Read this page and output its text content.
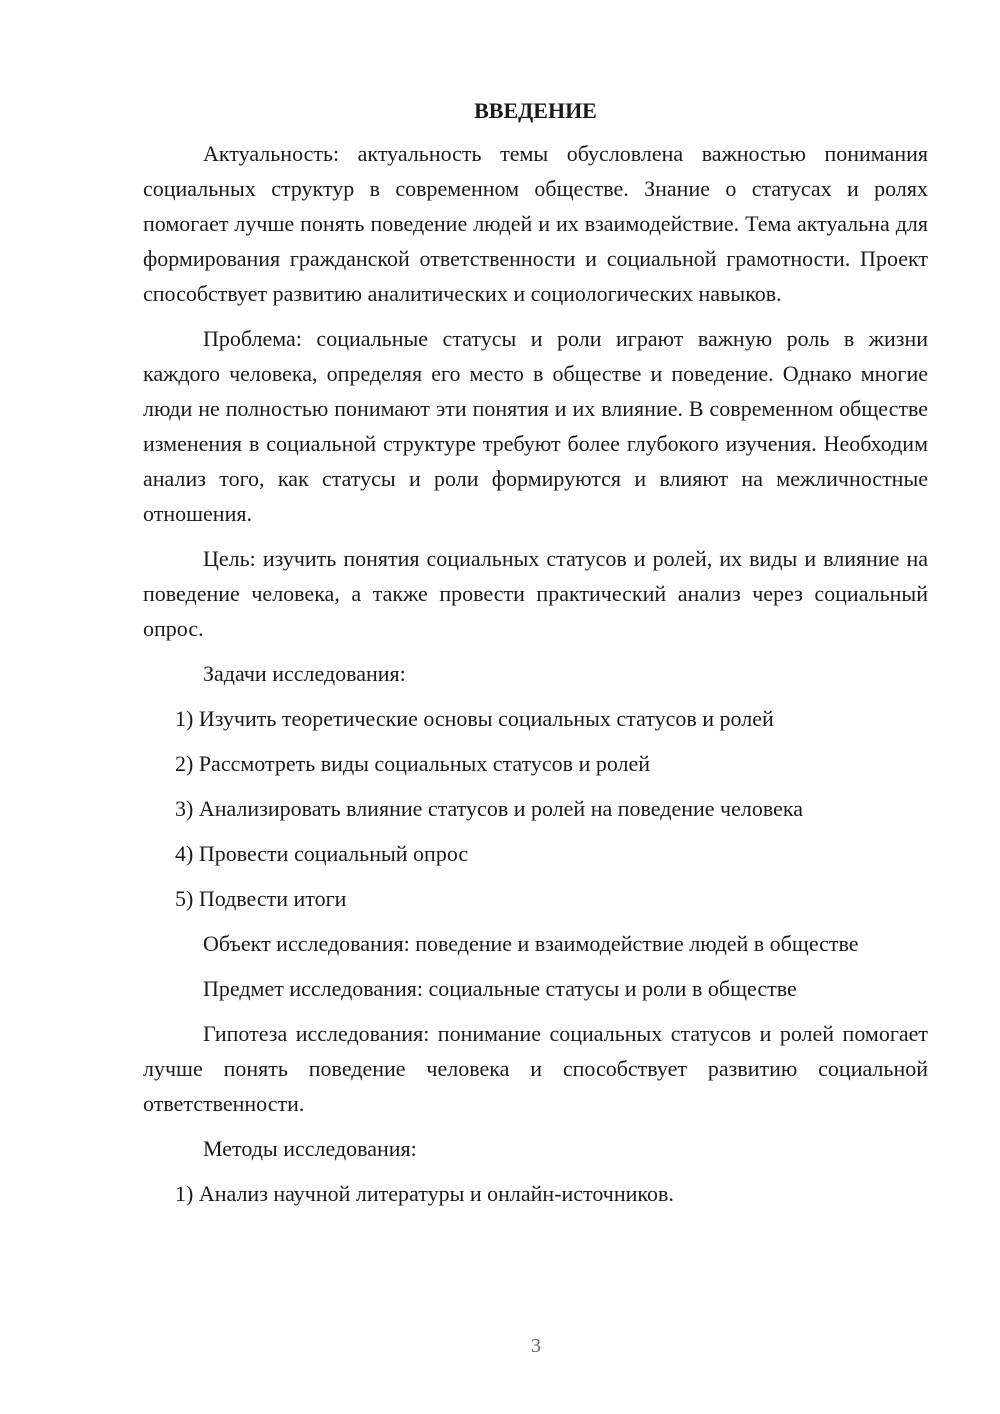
ВВЕДЕНИЕ

Актуальность: актуальность темы обусловлена важностью понимания социальных структур в современном обществе. Знание о статусах и ролях помогает лучше понять поведение людей и их взаимодействие. Тема актуальна для формирования гражданской ответственности и социальной грамотности. Проект способствует развитию аналитических и социологических навыков.

Проблема: социальные статусы и роли играют важную роль в жизни каждого человека, определяя его место в обществе и поведение. Однако многие люди не полностью понимают эти понятия и их влияние. В современном обществе изменения в социальной структуре требуют более глубокого изучения. Необходим анализ того, как статусы и роли формируются и влияют на межличностные отношения.

Цель: изучить понятия социальных статусов и ролей, их виды и влияние на поведение человека, а также провести практический анализ через социальный опрос.

Задачи исследования:
1) Изучить теоретические основы социальных статусов и ролей
2) Рассмотреть виды социальных статусов и ролей
3) Анализировать влияние статусов и ролей на поведение человека
4) Провести социальный опрос
5) Подвести итоги

Объект исследования: поведение и взаимодействие людей в обществе

Предмет исследования: социальные статусы и роли в обществе

Гипотеза исследования: понимание социальных статусов и ролей помогает лучше понять поведение человека и способствует развитию социальной ответственности.

Методы исследования:
1) Анализ научной литературы и онлайн-источников.
3
